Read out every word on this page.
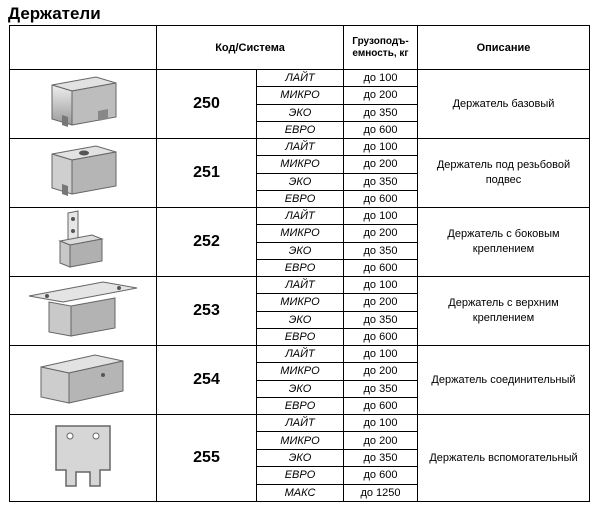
Держатели
	Код/Система		Грузоподъ-
емность, кг	Описание
	250	ЛАЙТ	до 100	Держатель базовый
		МИКРО	до 200	
		ЭКО	до 350	
		ЕВРО	до 600	
	251	ЛАЙТ	до 100	Держатель под резьбовой
подвес
		МИКРО	до 200	
		ЭКО	до 350	
		ЕВРО	до 600	
	252	ЛАЙТ	до 100	Держатель с боковым
креплением
		МИКРО	до 200	
		ЭКО	до 350	
		ЕВРО	до 600	
	253	ЛАЙТ	до 100	Держатель с верхним
креплением
		МИКРО	до 200	
		ЭКО	до 350	
		ЕВРО	до 600	
	254	ЛАЙТ	до 100	Держатель соединительный
		МИКРО	до 200	
		ЭКО	до 350	
		ЕВРО	до 600	
	255	ЛАЙТ	до 100	Держатель вспомогательный
		МИКРО	до 200	
		ЭКО	до 350	
		ЕВРО	до 600	
		МАКС	до 1250	
